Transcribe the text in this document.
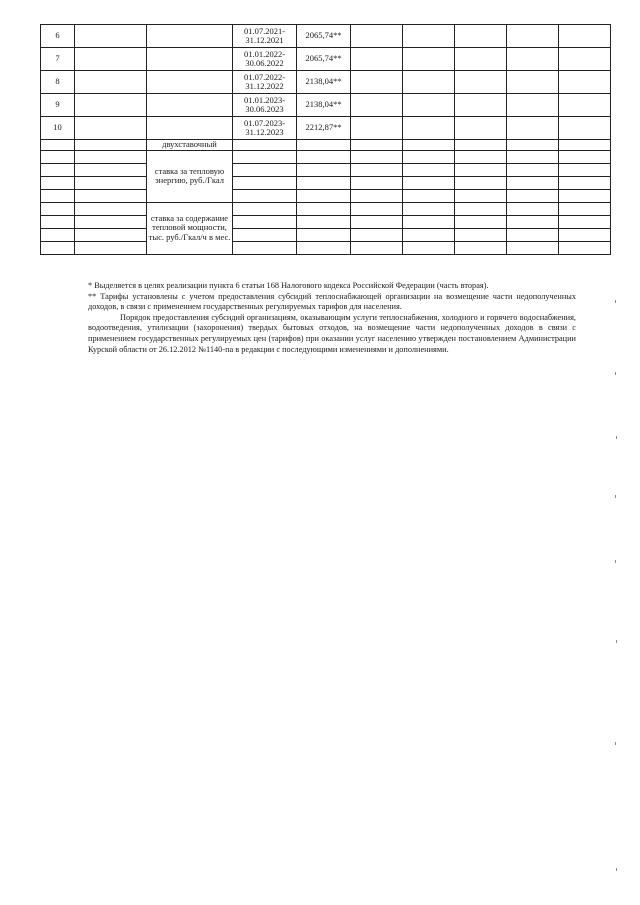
6			01.07.2021-
31.12.2021	2065,74**					
7			01.01.2022-
30.06.2022	2065,74**					
8			01.07.2022-
31.12.2022	2138,04**					
9			01.01.2023-
30.06.2023	2138,04**					
10			01.07.2023-
31.12.2023	2212,87**					
		двухставочный							
		ставка за тепловую энергию, руб./Гкал							

		ставка за содержание тепловой мощности, тыс. руб./Гкал/ч в мес.							

* Выделяется в целях реализации пункта 6 статьи 168 Налогового кодекса Российской Федерации (часть вторая).

** Тарифы установлены с учетом предоставления субсидий теплоснабжающей организации на возмещение части недополученных доходов, в связи с применением государственных регулируемых тарифов для населения.

Порядок предоставления субсидий организациям, оказывающим услуги теплоснабжения, холодного и горячего водоснабжения, водоотведения, утилизации (захоронения) твердых бытовых отходов, на возмещение части недополученных доходов в связи с применением государственных регулируемых цен (тарифов) при оказании услуг населению утвержден постановлением Администрации Курской области от 26.12.2012 №1140-па в редакции с последующими изменениями и дополнениями.
